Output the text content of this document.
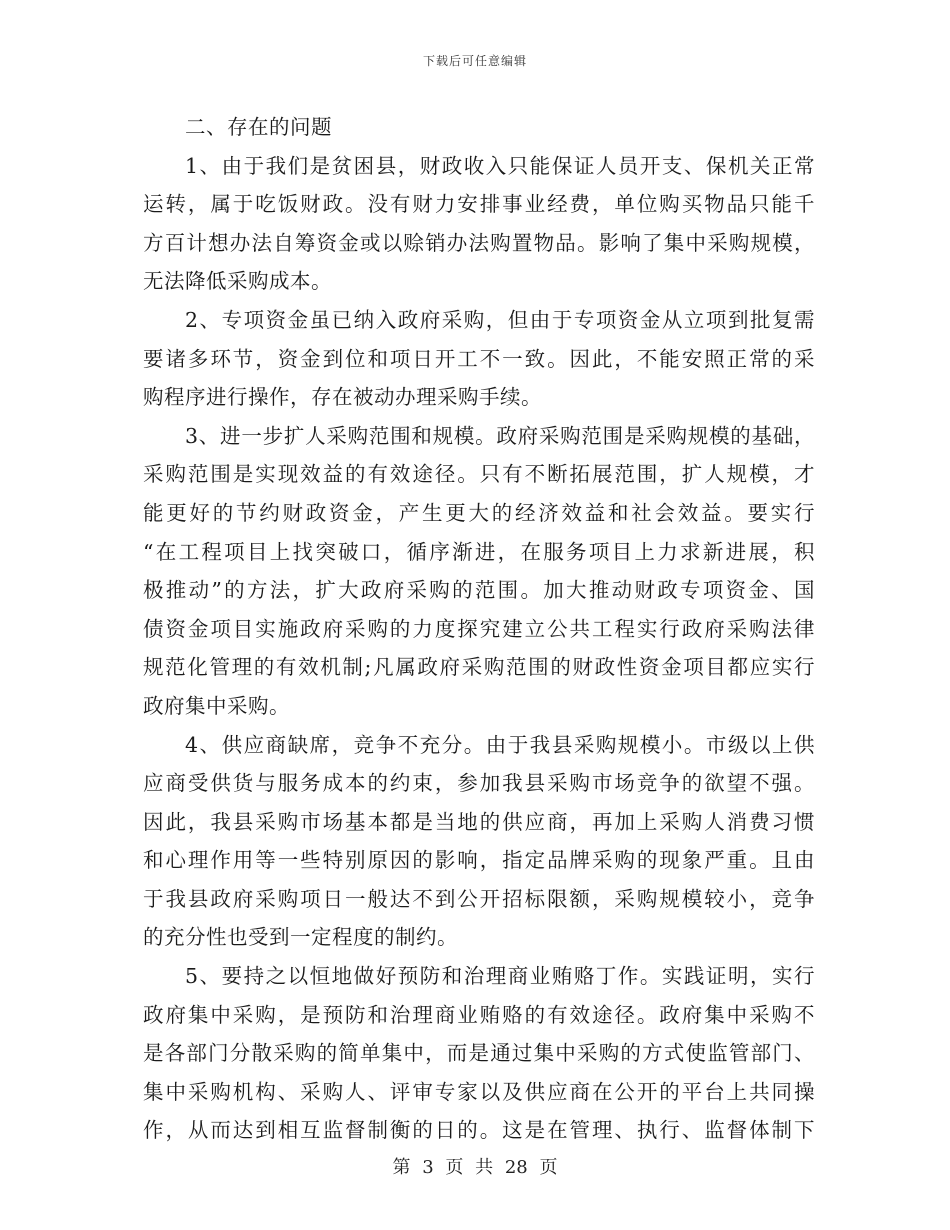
下载后可任意编辑
二、存在的问题
1、由于我们是贫困县，财政收入只能保证人员开支、保机关正常
运转，属于吃饭财政。没有财力安排事业经费，单位购买物品只能千
方百计想办法自筹资金或以赊销办法购置物品。影响了集中采购规模，
无法降低采购成本。
2、专项资金虽已纳入政府采购，但由于专项资金从立项到批复需
要诸多环节，资金到位和项日开工不一致。因此，不能安照正常的采
购程序进行操作，存在被动办理采购手续。
3、进一步扩人采购范围和规模。政府采购范围是采购规模的基础，
采购范围是实现效益的有效途径。只有不断拓展范围，扩人规模，才
能更好的节约财政资金，产生更大的经济效益和社会效益。要实行
“在工程项目上找突破口，循序渐进，在服务项目上力求新进展，积
极推动”的方法，扩大政府采购的范围。加大推动财政专项资金、国
债资金项目实施政府采购的力度探究建立公共工程实行政府采购法律
规范化管理的有效机制;凡属政府采购范围的财政性资金项目都应实行
政府集中采购。
4、供应商缺席，竞争不充分。由于我县采购规模小。市级以上供
应商受供货与服务成本的约束，参加我县采购市场竞争的欲望不强。
因此，我县采购市场基本都是当地的供应商，再加上采购人消费习惯
和心理作用等一些特别原因的影响，指定品牌采购的现象严重。且由
于我县政府采购项日一般达不到公开招标限额，采购规模较小，竞争
的充分性也受到一定程度的制约。
5、要持之以恒地做好预防和治理商业贿赂丁作。实践证明，实行
政府集中采购，是预防和治理商业贿赂的有效途径。政府集中采购不
是各部门分散采购的简单集中，而是通过集中采购的方式使监管部门、
集中采购机构、采购人、评审专家以及供应商在公开的平台上共同操
作，从而达到相互监督制衡的日的。这是在管理、执行、监督体制下
第 3 页 共 28 页
